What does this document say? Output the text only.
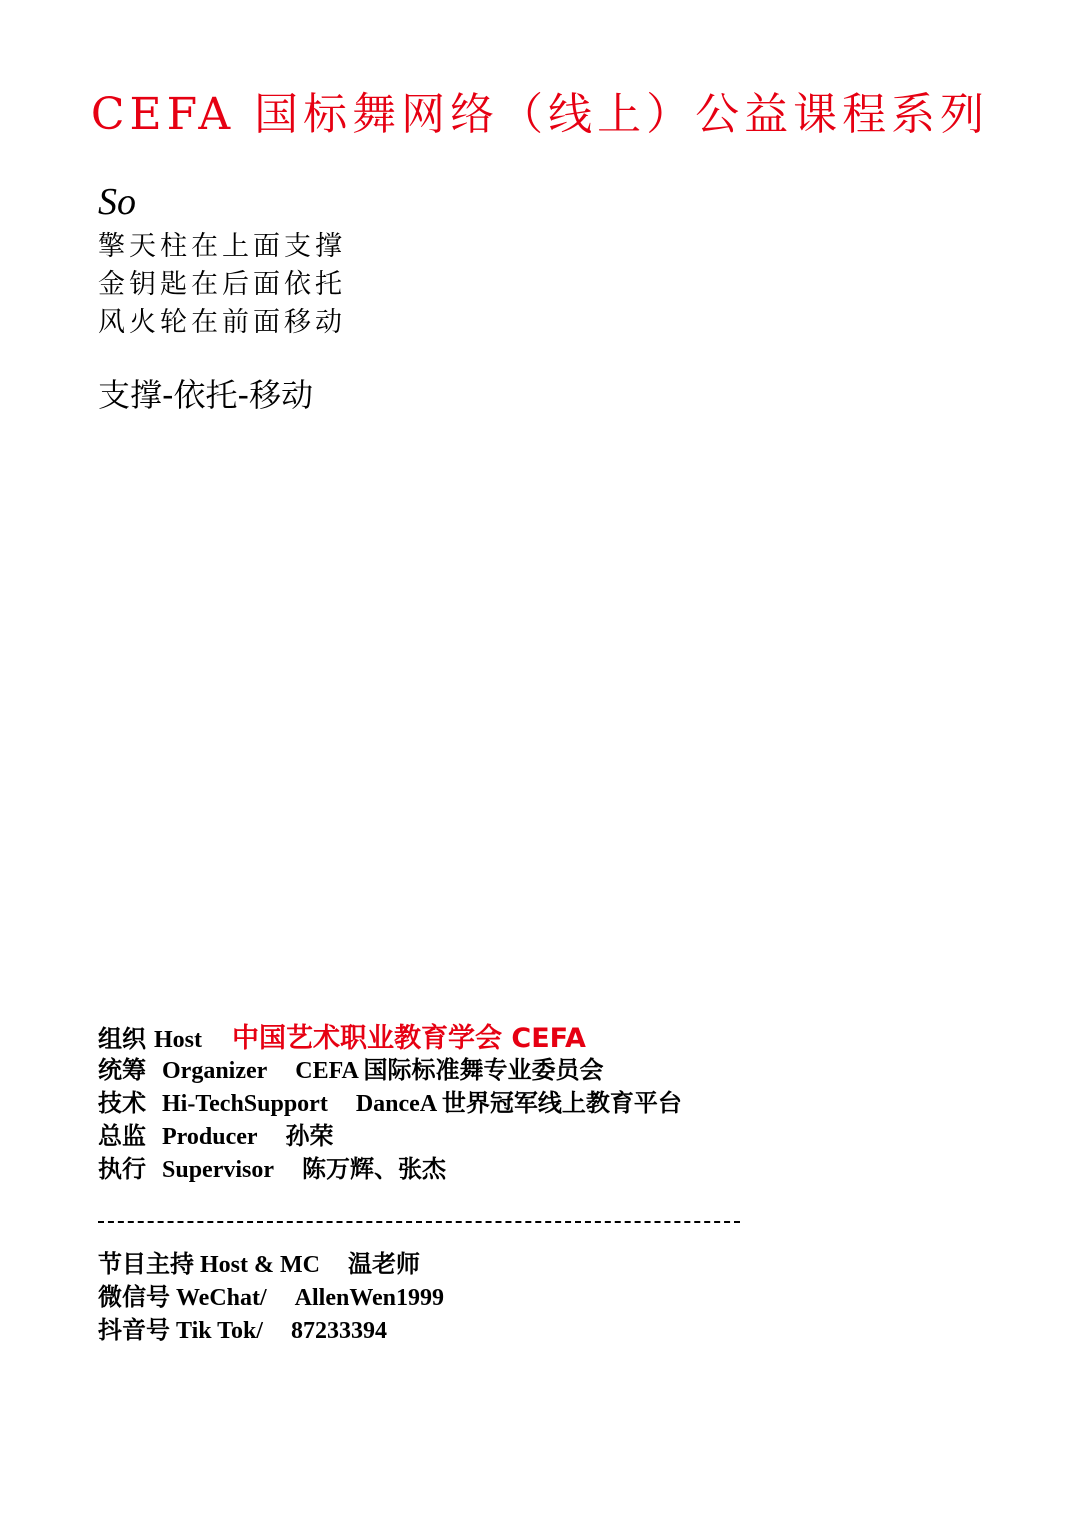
CEFA 国标舞网络（线上）公益课程系列
So
擎天柱在上面支撑
金钥匙在后面依托
风火轮在前面移动
支撑-依托-移动
组织 Host 中国艺术职业教育学会 CEFA
统筹 Organizer CEFA 国际标准舞专业委员会
技术 Hi-TechSupport DanceA 世界冠军线上教育平台
总监 Producer 孙荣
执行 Supervisor 陈万辉、张杰
节目主持 Host & MC 温老师
微信号 WeChat/ AllenWen1999
抖音号 Tik Tok/ 87233394
